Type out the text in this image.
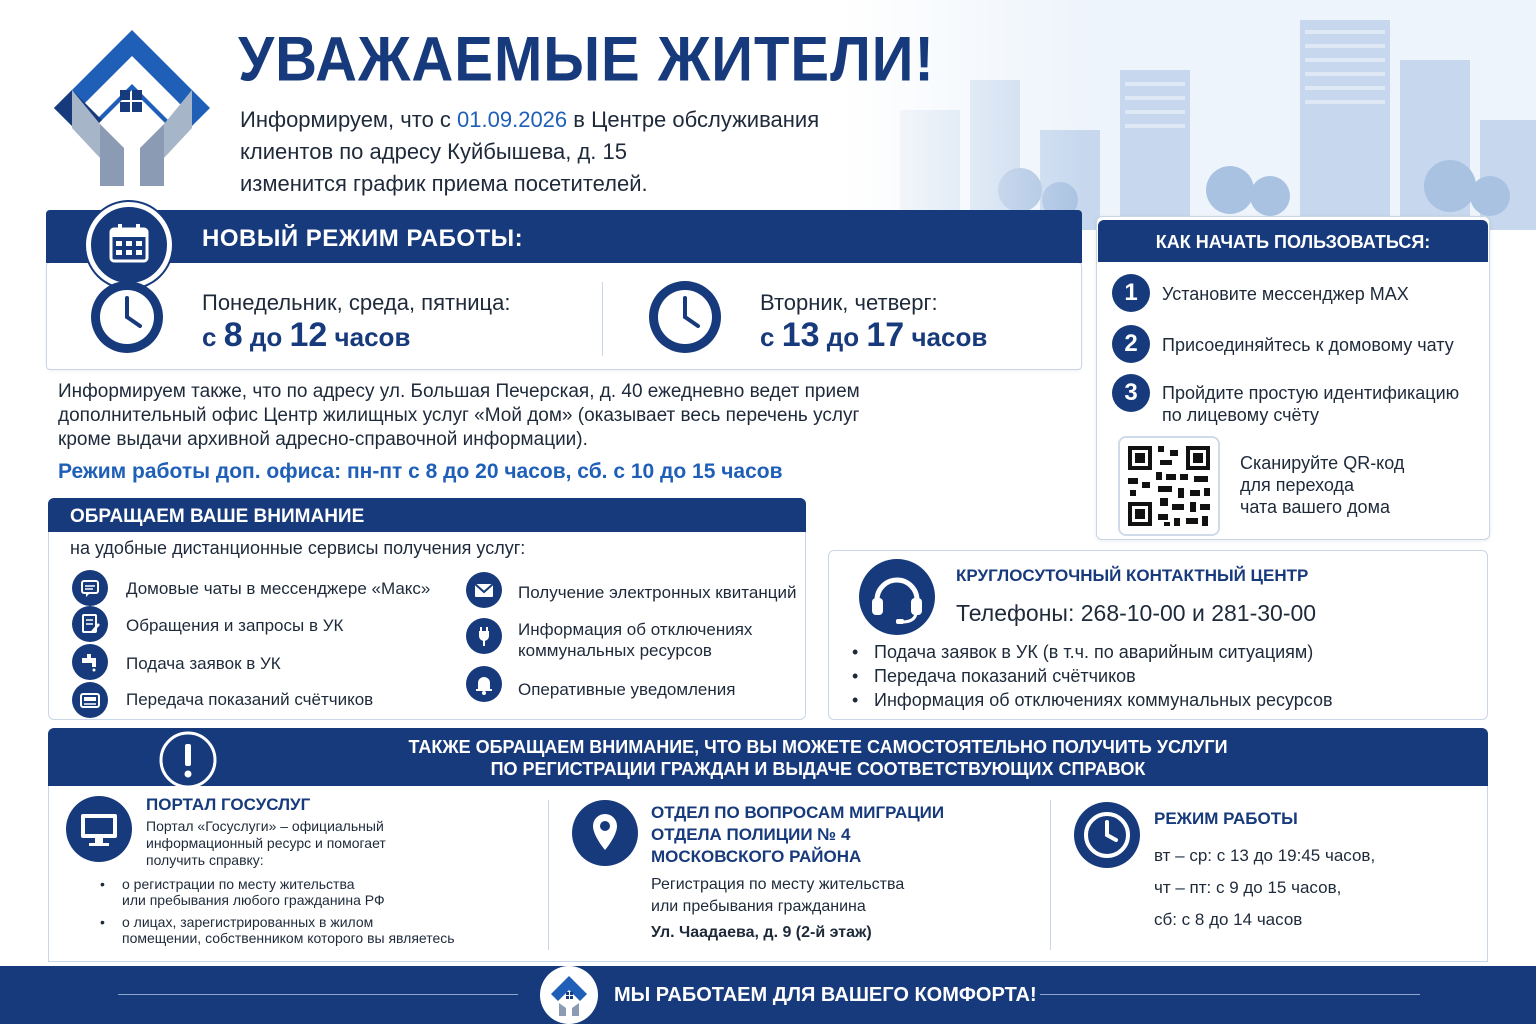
УВАЖАЕМЫЕ ЖИТЕЛИ!
Информируем, что с 01.09.2026 в Центре обслуживания
клиентов по адресу Куйбышева, д. 15
изменится график приема посетителей.
НОВЫЙ РЕЖИМ РАБОТЫ:
Понедельник, среда, пятница:
с 8 до 12 часов
Вторник, четверг:
с 13 до 17 часов
Информируем также, что по адресу ул. Большая Печерская, д. 40 ежедневно ведет прием
дополнительный офис Центр жилищных услуг «Мой дом» (оказывает весь перечень услуг
кроме выдачи архивной адресно-справочной информации).
Режим работы доп. офиса: пн-пт с 8 до 20 часов, сб. с 10 до 15 часов
КАК НАЧАТЬ ПОЛЬЗОВАТЬСЯ:
1	Установите мессенджер MAX
2	Присоединяйтесь к домовому чату
3	Пройдите простую идентификацию
по лицевому счёту
Сканируйте QR-код
для перехода
чата вашего дома
ОБРАЩАЕМ ВАШЕ ВНИМАНИЕ
на удобные дистанционные сервисы получения услуг:
Домовые чаты в мессенджере «Макс»
Обращения и запросы в УК
Подача заявок в УК
Передача показаний счётчиков
Получение электронных квитанций
Информация об отключениях
коммунальных ресурсов
Оперативные уведомления
КРУГЛОСУТОЧНЫЙ КОНТАКТНЫЙ ЦЕНТР
Телефоны: 268-10-00 и 281-30-00
• Подача заявок в УК (в т.ч. по аварийным ситуациям)
• Передача показаний счётчиков
• Информация об отключениях коммунальных ресурсов
ТАКЖЕ ОБРАЩАЕМ ВНИМАНИЕ, ЧТО ВЫ МОЖЕТЕ САМОСТОЯТЕЛЬНО ПОЛУЧИТЬ УСЛУГИ
ПО РЕГИСТРАЦИИ ГРАЖДАН И ВЫДАЧЕ СООТВЕТСТВУЮЩИХ СПРАВОК
ПОРТАЛ ГОСУСЛУГ
Портал «Госуслуги» – официальный
информационный ресурс и помогает
получить справку:
• о регистрации по месту жительства
или пребывания любого гражданина РФ
• о лицах, зарегистрированных в жилом
помещении, собственником которого вы являетесь
ОТДЕЛ ПО ВОПРОСАМ МИГРАЦИИ
ОТДЕЛА ПОЛИЦИИ № 4
МОСКОВСКОГО РАЙОНА
Регистрация по месту жительства
или пребывания гражданина
Ул. Чаадаева, д. 9 (2-й этаж)
РЕЖИМ РАБОТЫ
вт – ср: с 13 до 19:45 часов,
чт – пт: с 9 до 15 часов,
сб: с 8 до 14 часов
МЫ РАБОТАЕМ ДЛЯ ВАШЕГО КОМФОРТА!
